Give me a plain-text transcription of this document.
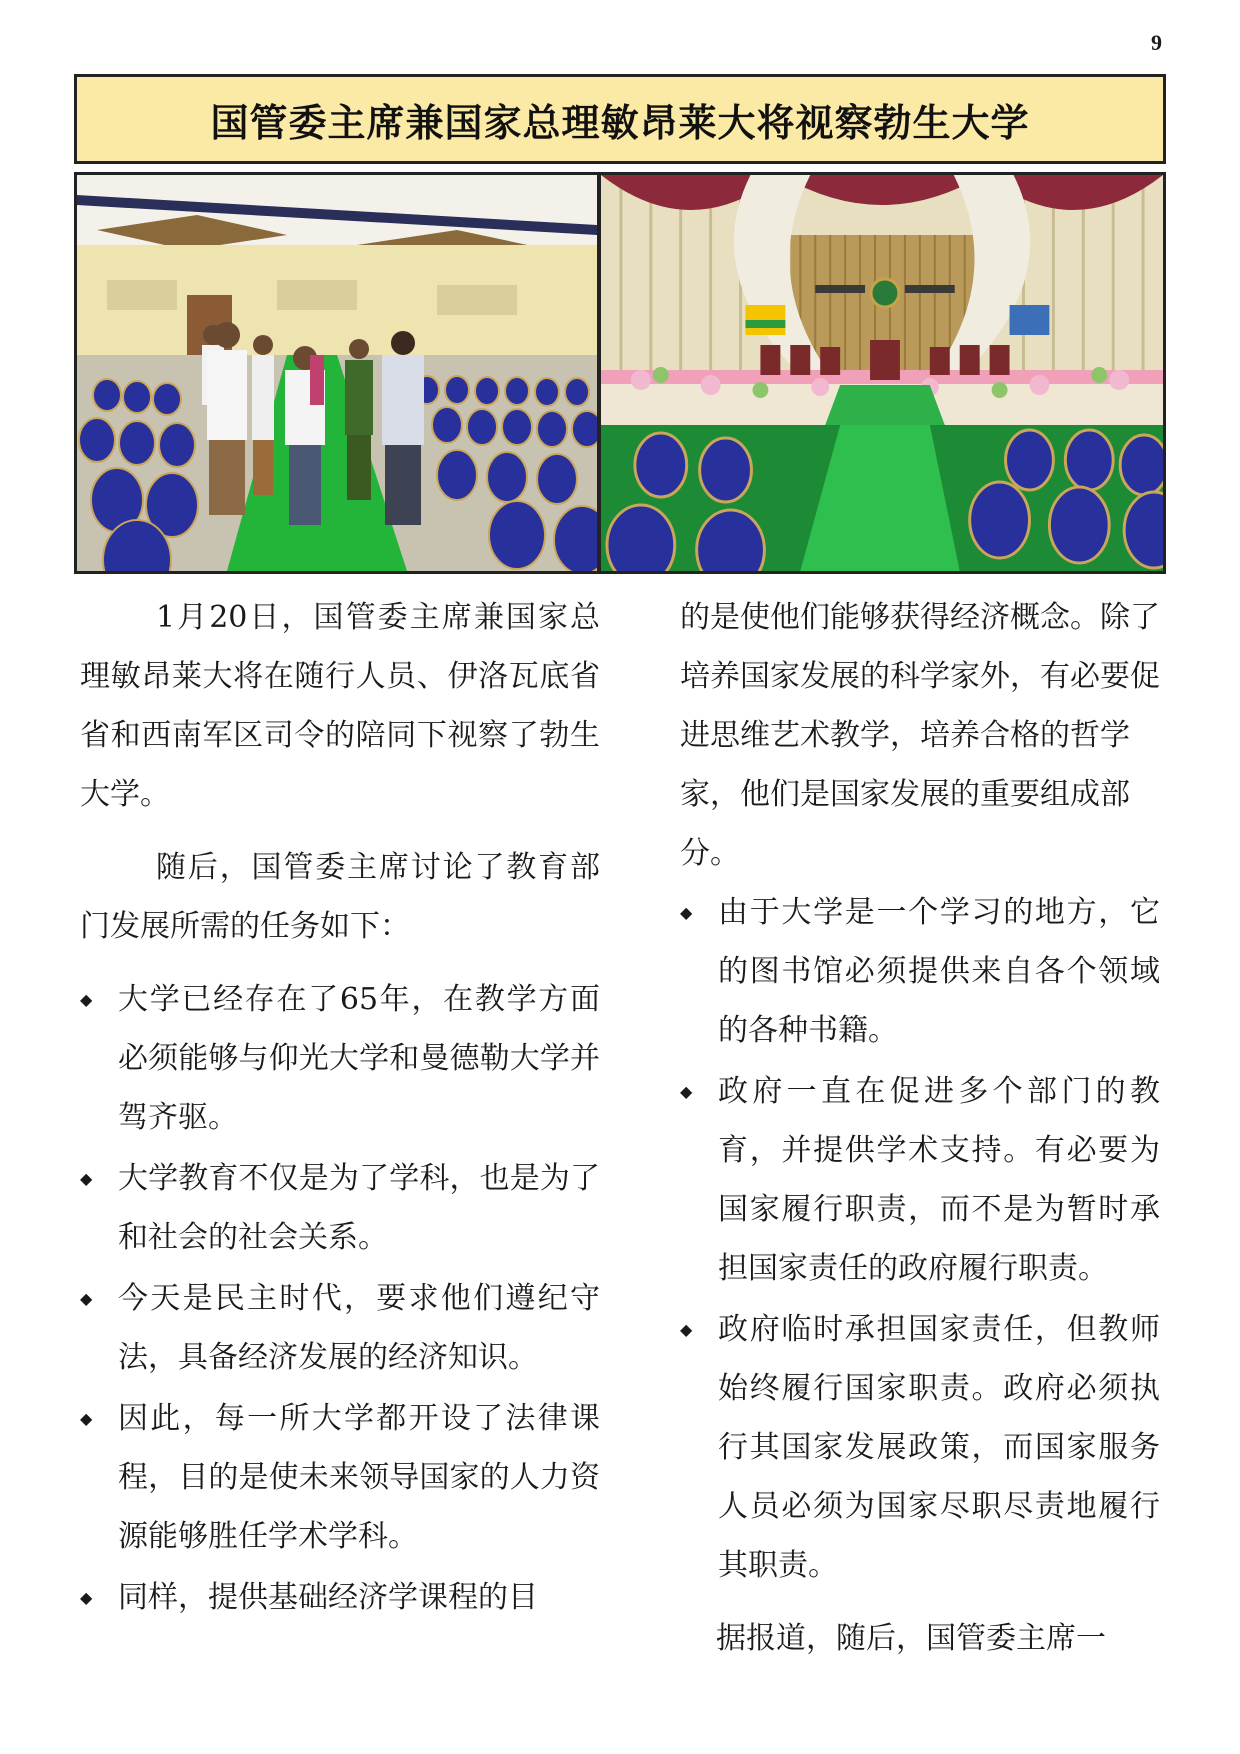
9
国管委主席兼国家总理敏昂莱大将视察勃生大学

1月20日，国管委主席兼国家总理敏昂莱大将在随行人员、伊洛瓦底省省和西南军区司令的陪同下视察了勃生大学。

随后，国管委主席讨论了教育部门发展所需的任务如下：

◆ 大学已经存在了65年，在教学方面必须能够与仰光大学和曼德勒大学并驾齐驱。
◆ 大学教育不仅是为了学科，也是为了和社会的社会关系。
◆ 今天是民主时代，要求他们遵纪守法，具备经济发展的经济知识。
◆ 因此，每一所大学都开设了法律课程，目的是使未来领导国家的人力资源能够胜任学术学科。
◆ 同样，提供基础经济学课程的目

的是使他们能够获得经济概念。除了培养国家发展的科学家外，有必要促进思维艺术教学，培养合格的哲学家，他们是国家发展的重要组成部分。

◆ 由于大学是一个学习的地方，它的图书馆必须提供来自各个领域的各种书籍。
◆ 政府一直在促进多个部门的教育，并提供学术支持。有必要为国家履行职责，而不是为暂时承担国家责任的政府履行职责。
◆ 政府临时承担国家责任，但教师始终履行国家职责。政府必须执行其国家发展政策，而国家服务人员必须为国家尽职尽责地履行其职责。

据报道，随后，国管委主席一
